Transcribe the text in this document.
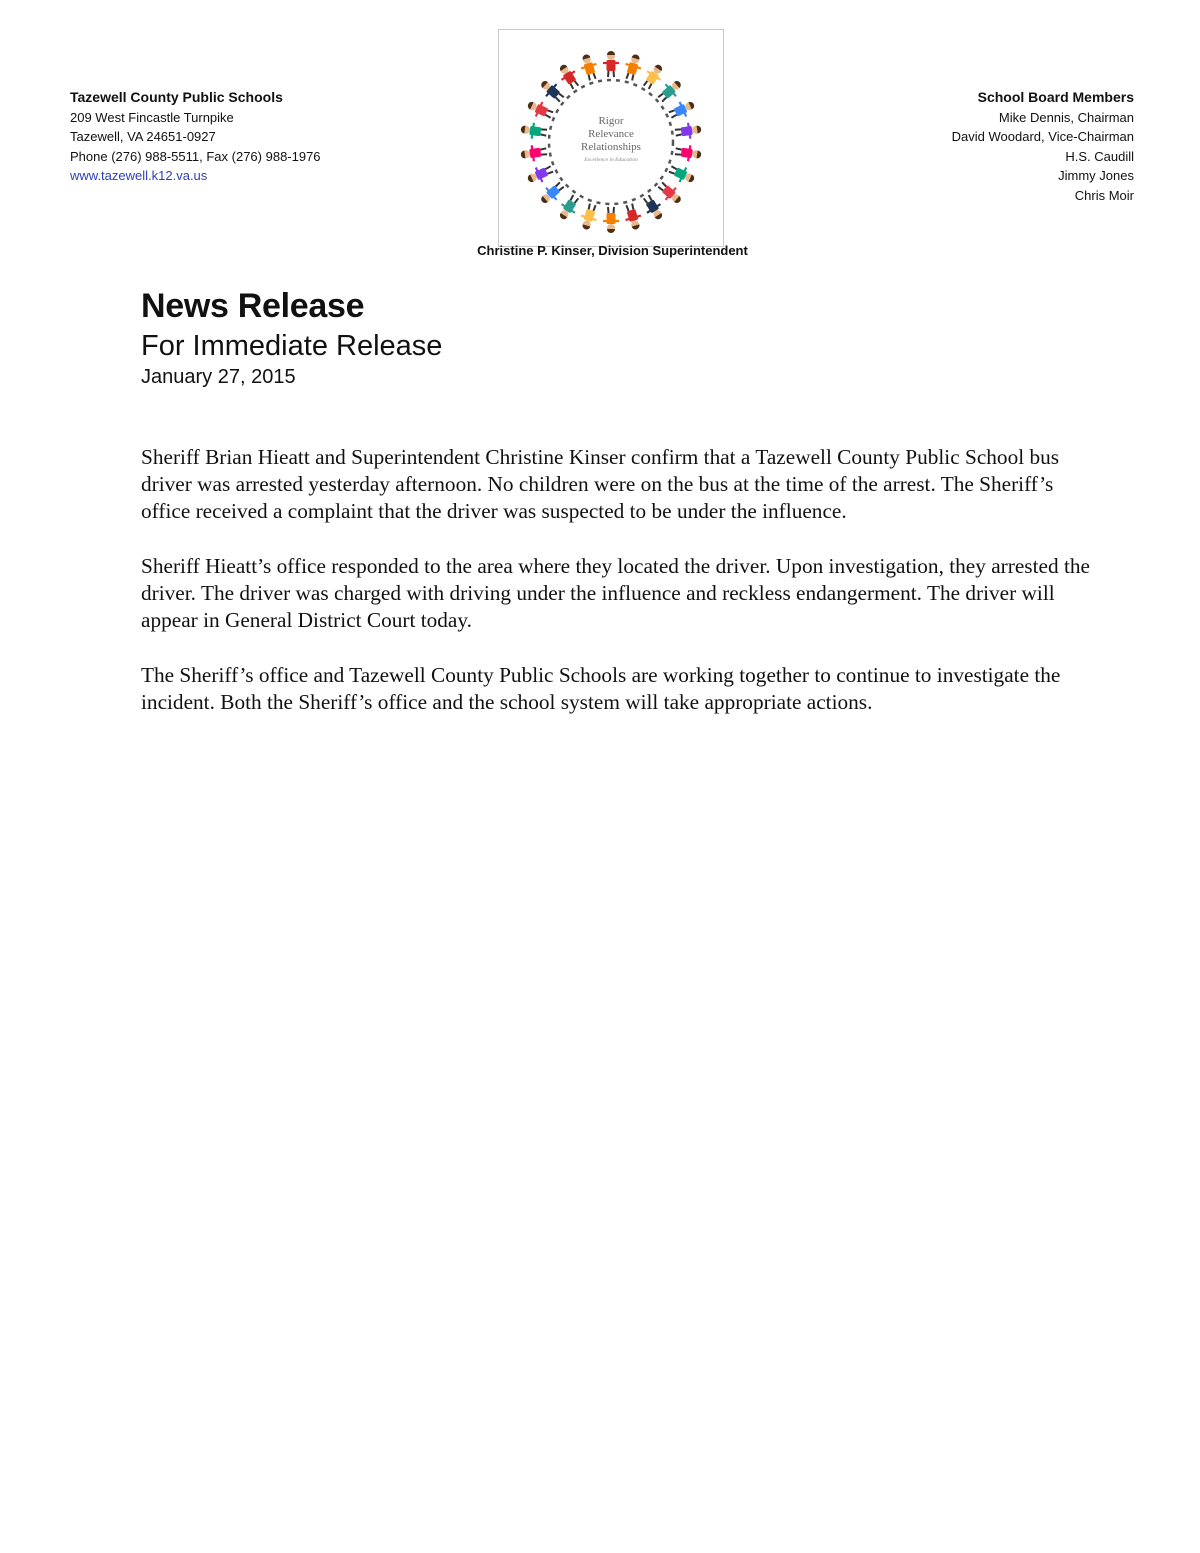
Tazewell County Public Schools
209 West Fincastle Turnpike
Tazewell, VA 24651-0927
Phone (276) 988-5511, Fax (276) 988-1976
www.tazewell.k12.va.us
Rigor
Relevance
Relationships
Excellence in Education
School Board Members
Mike Dennis, Chairman
David Woodard, Vice-Chairman
H.S. Caudill
Jimmy Jones
Chris Moir
Christine P. Kinser, Division Superintendent
News Release
For Immediate Release
January 27, 2015

Sheriff Brian Hieatt and Superintendent Christine Kinser confirm that a Tazewell County Public School bus driver was arrested yesterday afternoon. No children were on the bus at the time of the arrest. The Sheriff’s office received a complaint that the driver was suspected to be under the influence.

Sheriff Hieatt’s office responded to the area where they located the driver. Upon investigation, they arrested the driver. The driver was charged with driving under the influence and reckless endangerment. The driver will appear in General District Court today.

The Sheriff’s office and Tazewell County Public Schools are working together to continue to investigate the incident. Both the Sheriff’s office and the school system will take appropriate actions.
